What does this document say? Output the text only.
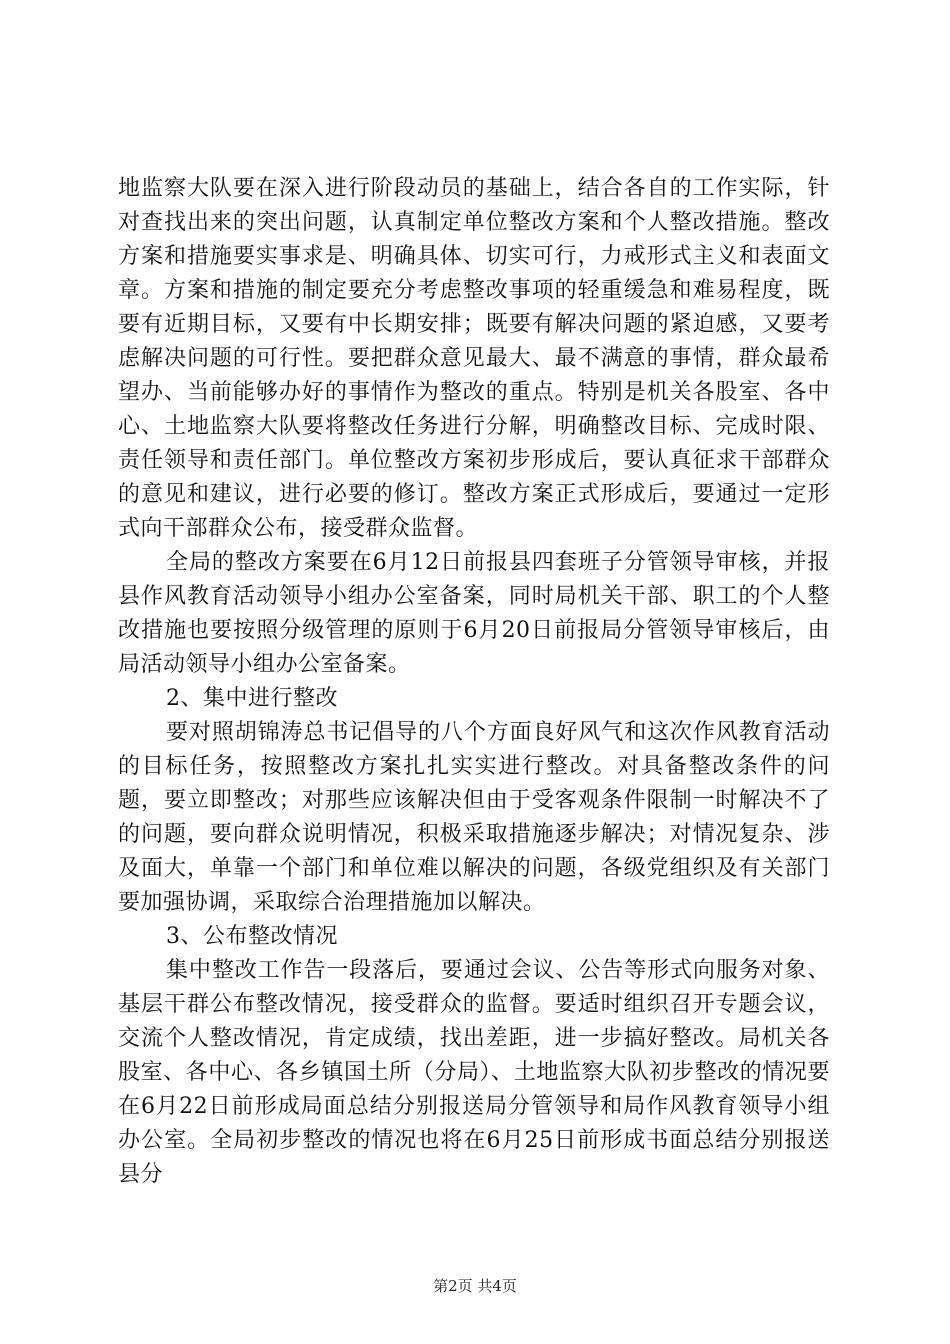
地监察大队要在深入进行阶段动员的基础上，结合各自的工作实际，针对查找出来的突出问题，认真制定单位整改方案和个人整改措施。整改方案和措施要实事求是、明确具体、切实可行，力戒形式主义和表面文章。方案和措施的制定要充分考虑整改事项的轻重缓急和难易程度，既要有近期目标，又要有中长期安排；既要有解决问题的紧迫感，又要考虑解决问题的可行性。要把群众意见最大、最不满意的事情，群众最希望办、当前能够办好的事情作为整改的重点。特别是机关各股室、各中心、土地监察大队要将整改任务进行分解，明确整改目标、完成时限、责任领导和责任部门。单位整改方案初步形成后，要认真征求干部群众的意见和建议，进行必要的修订。整改方案正式形成后，要通过一定形式向干部群众公布，接受群众监督。

全局的整改方案要在6月12日前报县四套班子分管领导审核，并报县作风教育活动领导小组办公室备案，同时局机关干部、职工的个人整改措施也要按照分级管理的原则于6月20日前报局分管领导审核后，由局活动领导小组办公室备案。

2、集中进行整改

要对照胡锦涛总书记倡导的八个方面良好风气和这次作风教育活动的目标任务，按照整改方案扎扎实实进行整改。对具备整改条件的问题，要立即整改；对那些应该解决但由于受客观条件限制一时解决不了的问题，要向群众说明情况，积极采取措施逐步解决；对情况复杂、涉及面大，单靠一个部门和单位难以解决的问题，各级党组织及有关部门要加强协调，采取综合治理措施加以解决。

3、公布整改情况

集中整改工作告一段落后，要通过会议、公告等形式向服务对象、基层干群公布整改情况，接受群众的监督。要适时组织召开专题会议，交流个人整改情况，肯定成绩，找出差距，进一步搞好整改。局机关各股室、各中心、各乡镇国土所（分局）、土地监察大队初步整改的情况要在6月22日前形成局面总结分别报送局分管领导和局作风教育领导小组办公室。全局初步整改的情况也将在6月25日前形成书面总结分别报送县分

第2页 共4页
